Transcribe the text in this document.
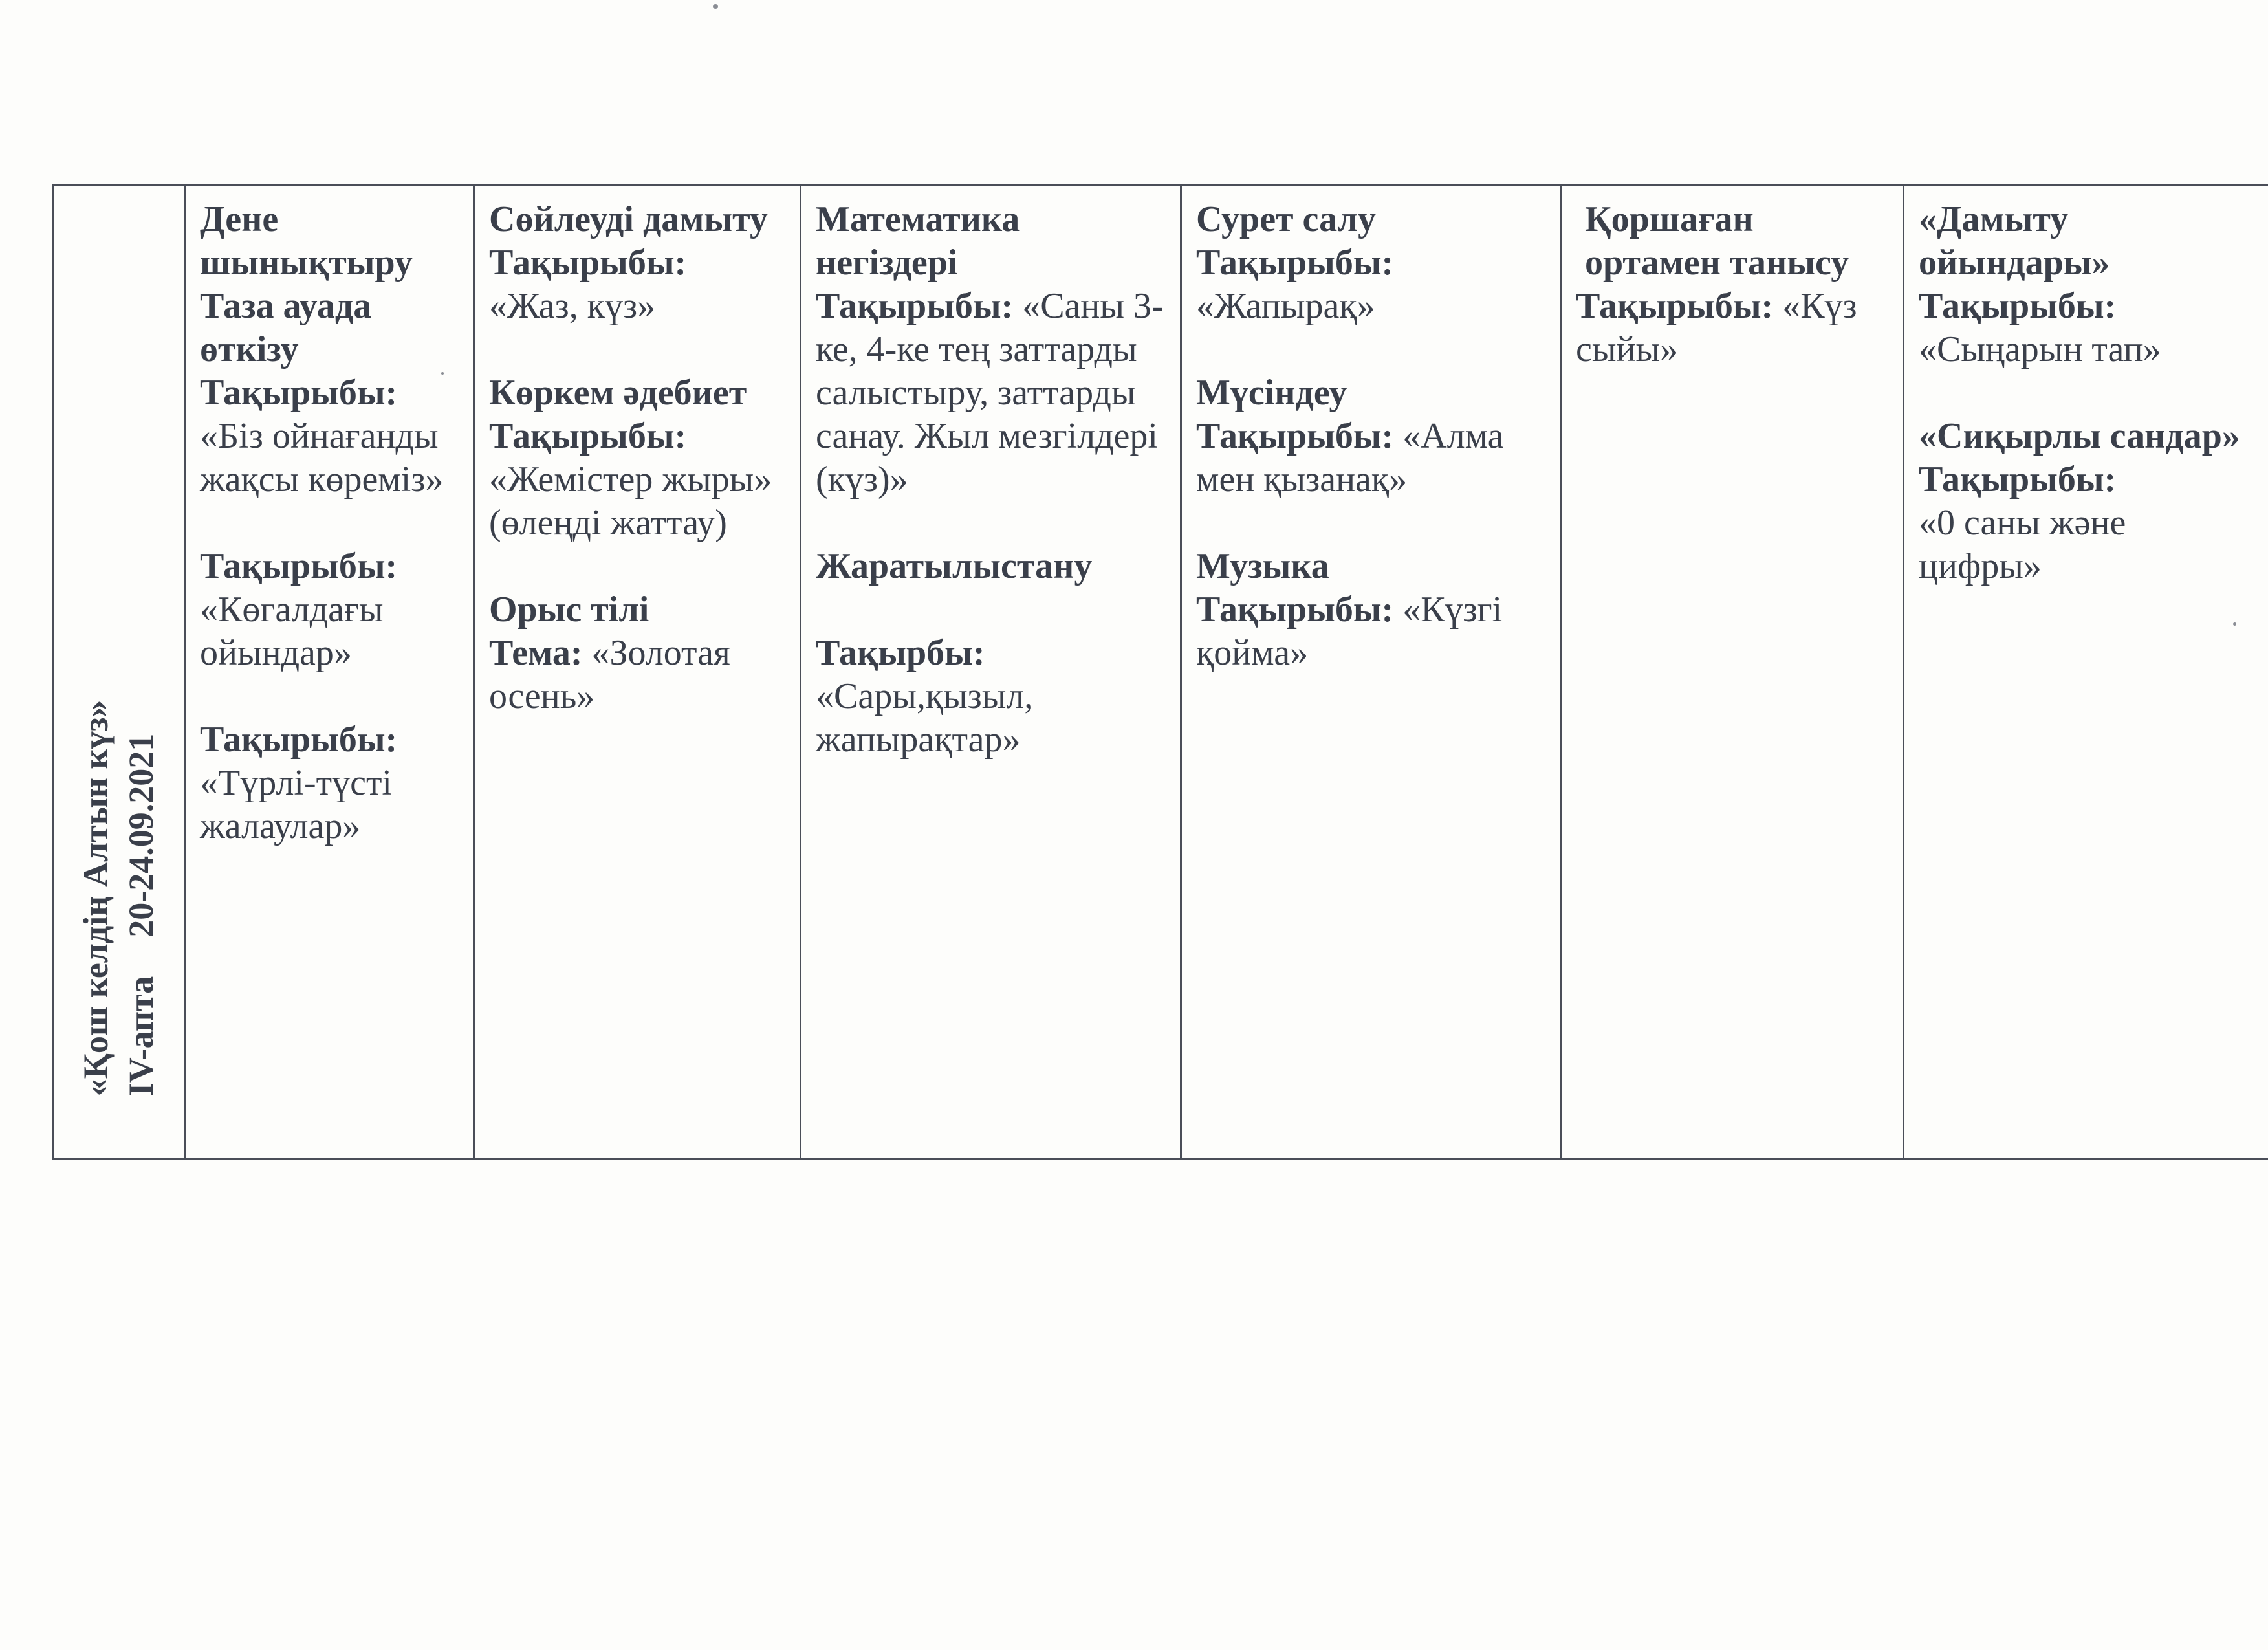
«Қош келдің Алтын күз» IV-апта20-24.09.2021

Дене шынықтыру Таза ауада өткізу
Тақырыбы:
«Біз ойнағанды жақсы көреміз»
Тақырыбы:
«Көгалдағы ойындар»
Тақырыбы:
«Түрлі-түсті жалаулар»

Сөйлеуді дамыту
Тақырыбы:
«Жаз, күз»
Көркем әдебиет
Тақырыбы:
«Жемістер жыры» (өлеңді жаттау)
Орыс тілі
Тема: «Золотая осень»

Математика негіздері
Тақырыбы: «Саны 3-ке, 4-ке тең заттарды салыстыру, заттарды санау. Жыл мезгілдері (күз)»
Жаратылыстану
Тақырбы:
«Сары,қызыл, жапырақтар»

Сурет салу
Тақырыбы:
«Жапырақ»
Мүсіндеу
Тақырыбы: «Алма мен қызанақ»
Музыка
Тақырыбы: «Күзгі қойма»

Қоршаған ортамен танысу
Тақырыбы: «Күз сыйы»

«Дамыту ойындары»
Тақырыбы:
«Сыңарын тап»
«Сиқырлы сандар»
Тақырыбы:
«0 саны және цифры»
